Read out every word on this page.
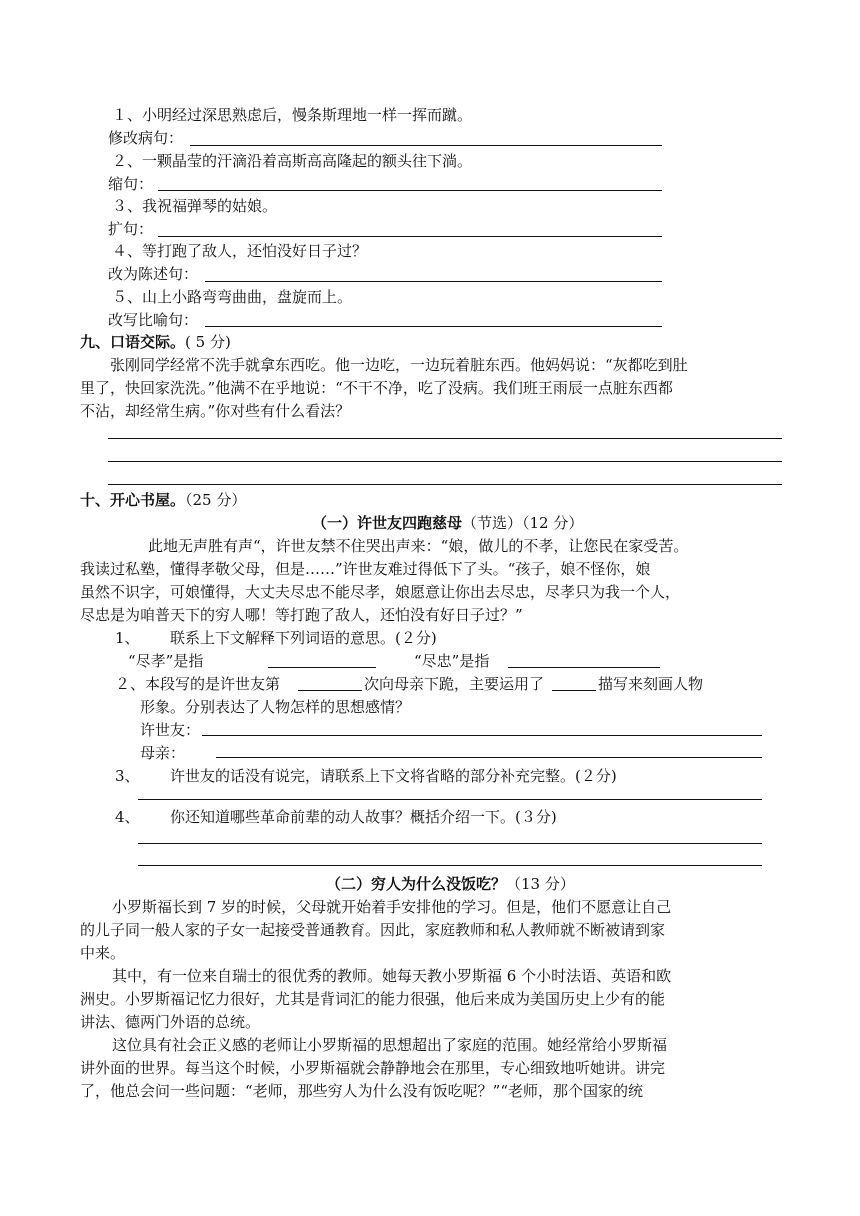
１、小明经过深思熟虑后，慢条斯理地一样一挥而蹴。
修改病句：
２、一颗晶莹的汗滴沿着高斯高高隆起的额头往下淌。
缩句：
３、我祝福弹琴的姑娘。
扩句：
４、等打跑了敌人，还怕没好日子过？
改为陈述句：
５、山上小路弯弯曲曲，盘旋而上。
改写比喻句：
九、口语交际。( 5 分)
张刚同学经常不洗手就拿东西吃。他一边吃，一边玩着脏东西。他妈妈说：“灰都吃到肚
里了，快回家洗洗。”他满不在乎地说：“不干不净，吃了没病。我们班王雨辰一点脏东西都
不沾，却经常生病。”你对些有什么看法？
十、开心书屋。（25 分）
（一）许世友四跑慈母（节选）（12 分）
此地无声胜有声“，许世友禁不住哭出声来：“娘，做儿的不孝，让您民在家受苦。
我读过私塾，懂得孝敬父母，但是……”许世友难过得低下了头。“孩子，娘不怪你，娘
虽然不识字，可娘懂得，大丈夫尽忠不能尽孝，娘愿意让你出去尽忠，尽孝只为我一个人，
尽忠是为咱普天下的穷人哪！等打跑了敌人，还怕没有好日子过？”
1、 联系上下文解释下列词语的意思。(２分)
“尽孝”是指	“尽忠”是指
２、本段写的是许世友第	次向母亲下跪，主要运用了	描写来刻画人物
形象。分别表达了人物怎样的思想感情？
许世友：
母亲：
3、 许世友的话没有说完，请联系上下文将省略的部分补充完整。(２分)
4、 你还知道哪些革命前辈的动人故事？概括介绍一下。(３分)
（二）穷人为什么没饭吃？（13 分）
小罗斯福长到 7 岁的时候，父母就开始着手安排他的学习。但是，他们不愿意让自己
的儿子同一般人家的子女一起接受普通教育。因此，家庭教师和私人教师就不断被请到家
中来。
其中，有一位来自瑞士的很优秀的教师。她每天教小罗斯福 6 个小时法语、英语和欧
洲史。小罗斯福记忆力很好，尤其是背词汇的能力很强，他后来成为美国历史上少有的能
讲法、德两门外语的总统。
这位具有社会正义感的老师让小罗斯福的思想超出了家庭的范围。她经常给小罗斯福
讲外面的世界。每当这个时候，小罗斯福就会静静地会在那里，专心细致地听她讲。讲完
了，他总会问一些问题：“老师，那些穷人为什么没有饭吃呢？”“老师，那个国家的统
